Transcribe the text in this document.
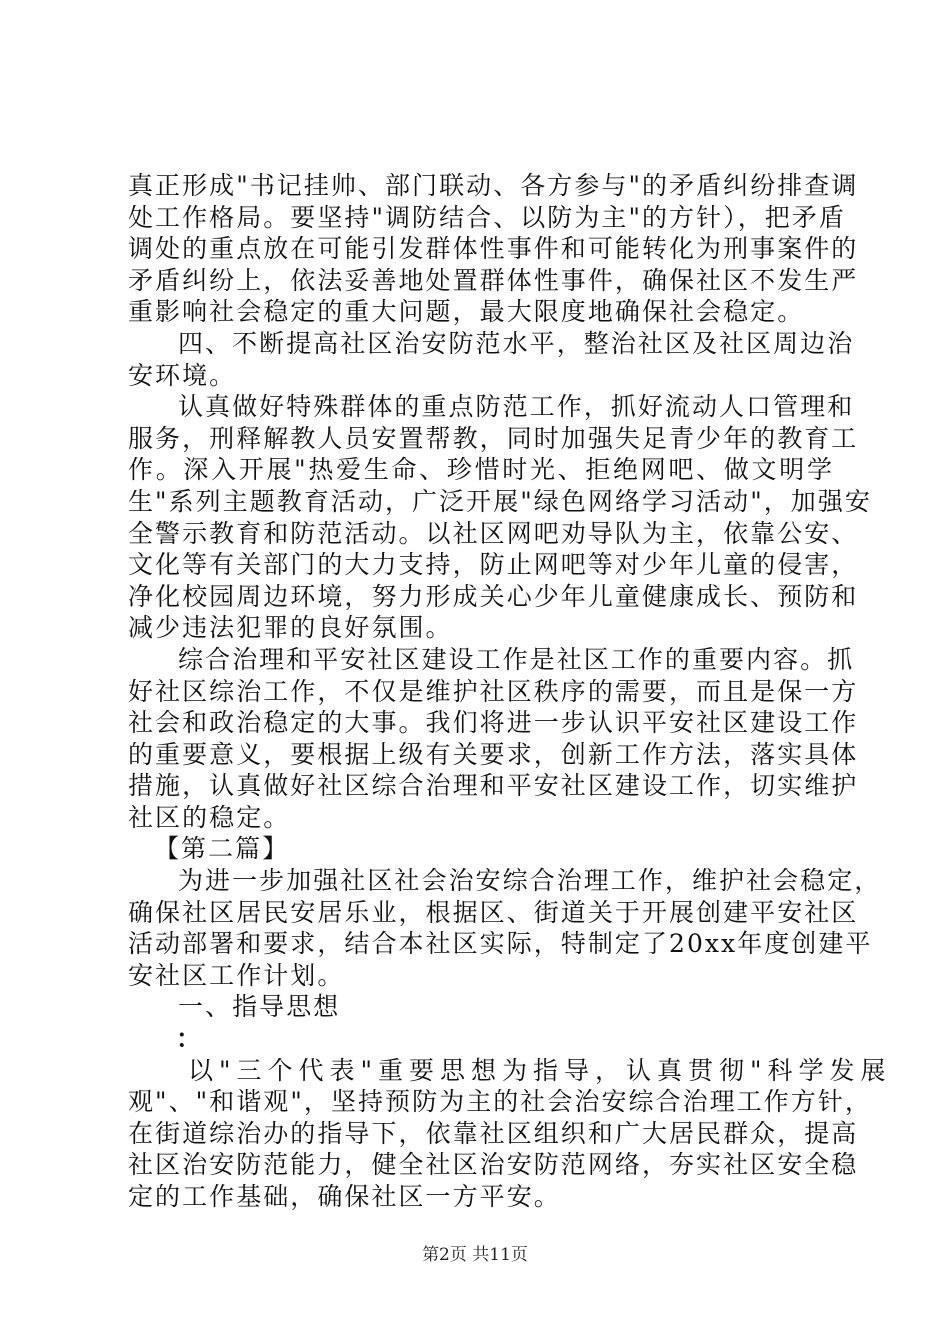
真正形成"书记挂帅、部门联动、各方参与"的矛盾纠纷排查调
处工作格局。要坚持"调防结合、以防为主"的方针），把矛盾
调处的重点放在可能引发群体性事件和可能转化为刑事案件的
矛盾纠纷上，依法妥善地处置群体性事件，确保社区不发生严
重影响社会稳定的重大问题，最大限度地确保社会稳定。
四、不断提高社区治安防范水平，整治社区及社区周边治
安环境。
认真做好特殊群体的重点防范工作，抓好流动人口管理和
服务，刑释解教人员安置帮教，同时加强失足青少年的教育工
作。深入开展"热爱生命、珍惜时光、拒绝网吧、做文明学
生"系列主题教育活动，广泛开展"绿色网络学习活动"，加强安
全警示教育和防范活动。以社区网吧劝导队为主，依靠公安、
文化等有关部门的大力支持，防止网吧等对少年儿童的侵害，
净化校园周边环境，努力形成关心少年儿童健康成长、预防和
减少违法犯罪的良好氛围。
综合治理和平安社区建设工作是社区工作的重要内容。抓
好社区综治工作，不仅是维护社区秩序的需要，而且是保一方
社会和政治稳定的大事。我们将进一步认识平安社区建设工作
的重要意义，要根据上级有关要求，创新工作方法，落实具体
措施，认真做好社区综合治理和平安社区建设工作，切实维护
社区的稳定。
【第二篇】
为进一步加强社区社会治安综合治理工作，维护社会稳定，
确保社区居民安居乐业，根据区、街道关于开展创建平安社区
活动部署和要求，结合本社区实际，特制定了20xx年度创建平
安社区工作计划。
一、指导思想
：
以"三个代表"重要思想为指导，认真贯彻"科学发展
观"、"和谐观"，坚持预防为主的社会治安综合治理工作方针，
在街道综治办的指导下，依靠社区组织和广大居民群众，提高
社区治安防范能力，健全社区治安防范网络，夯实社区安全稳
定的工作基础，确保社区一方平安。
第2页 共11页
